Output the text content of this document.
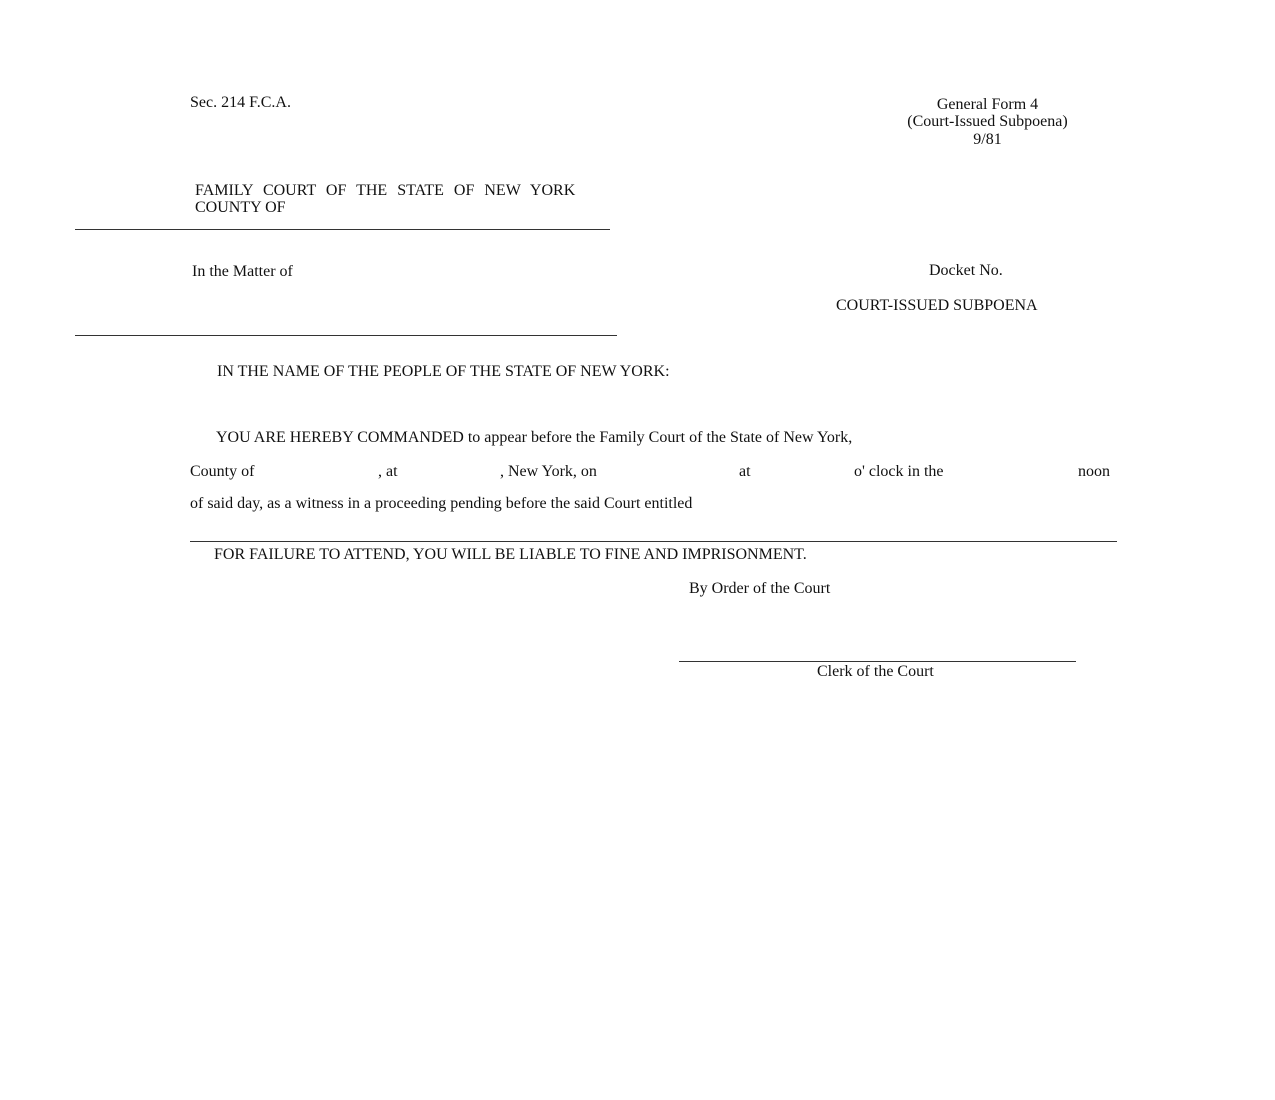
Sec. 214 F.C.A.	General Form 4
(Court-Issued Subpoena)
9/81
FAMILY COURT OF THE STATE OF NEW YORK
COUNTY OF
In the Matter of	Docket No.
COURT-ISSUED SUBPOENA
IN THE NAME OF THE PEOPLE OF THE STATE OF NEW YORK:
YOU ARE HEREBY COMMANDED to appear before the Family Court of the State of New York,
County of	, at	, New York, on	at	o' clock in the	noon
of said day, as a witness in a proceeding pending before the said Court entitled
FOR FAILURE TO ATTEND, YOU WILL BE LIABLE TO FINE AND IMPRISONMENT.
By Order of the Court
Clerk of the Court
